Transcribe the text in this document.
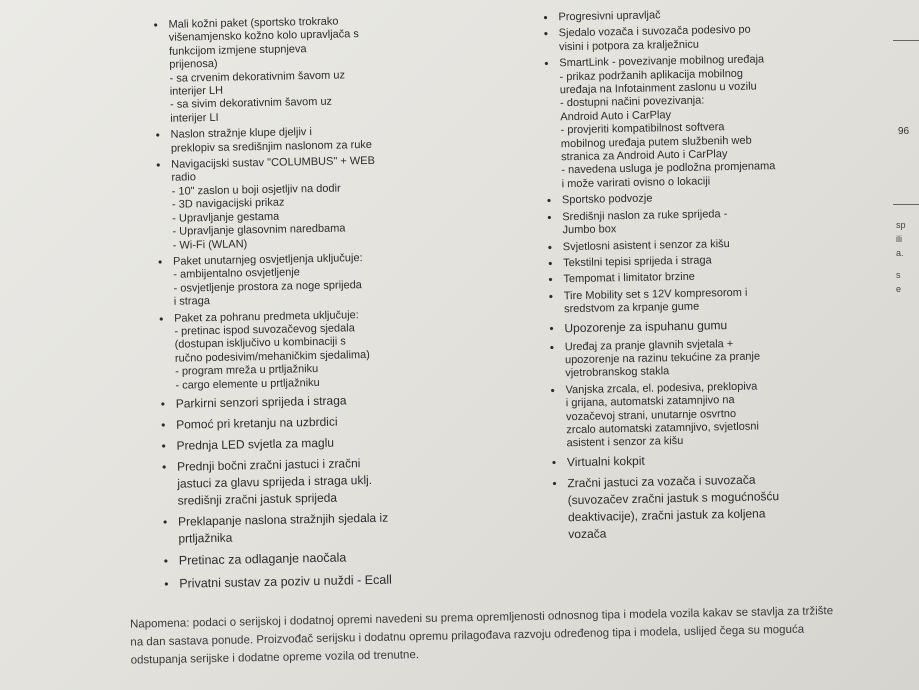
• Mali kožni paket (sportsko trokrako
višenamjensko kožno kolo upravljača s
funkcijom izmjene stupnjeva
prijenosa)
- sa crvenim dekorativnim šavom uz
interijer LH
- sa sivim dekorativnim šavom uz
interijer LI
• Naslon stražnje klupe djeljiv i
preklopiv sa središnjim naslonom za ruke
• Navigacijski sustav "COLUMBUS" + WEB
radio
- 10" zaslon u boji osjetljiv na dodir
- 3D navigacijski prikaz
- Upravljanje gestama
- Upravljanje glasovnim naredbama
- Wi-Fi (WLAN)
• Paket unutarnjeg osvjetljenja uključuje:
- ambijentalno osvjetljenje
- osvjetljenje prostora za noge sprijeda
i straga
• Paket za pohranu predmeta uključuje:
- pretinac ispod suvozačevog sjedala
(dostupan isključivo u kombinaciji s
ručno podesivim/mehaničkim sjedalima)
- program mreža u prtljažniku
- cargo elemente u prtljažniku
• Parkirni senzori sprijeda i straga
• Pomoć pri kretanju na uzbrdici
• Prednja LED svjetla za maglu
• Prednji bočni zračni jastuci i zračni
jastuci za glavu sprijeda i straga uklj.
središnji zračni jastuk sprijeda
• Preklapanje naslona stražnjih sjedala iz
prtljažnika
• Pretinac za odlaganje naočala
• Privatni sustav za poziv u nuždi - Ecall
• Progresivni upravljač
• Sjedalo vozača i suvozača podesivo po
visini i potpora za kralježnicu
• SmartLink - povezivanje mobilnog uređaja
- prikaz podržanih aplikacija mobilnog
uređaja na Infotainment zaslonu u vozilu
- dostupni načini povezivanja:
Android Auto i CarPlay
- provjeriti kompatibilnost softvera
mobilnog uređaja putem službenih web
stranica za Android Auto i CarPlay
- navedena usluga je podložna promjenama
i može varirati ovisno o lokaciji
• Sportsko podvozje
• Središnji naslon za ruke sprijeda -
Jumbo box
• Svjetlosni asistent i senzor za kišu
• Tekstilni tepisi sprijeda i straga
• Tempomat i limitator brzine
• Tire Mobility set s 12V kompresorom i
sredstvom za krpanje gume
• Upozorenje za ispuhanu gumu
• Uređaj za pranje glavnih svjetala +
upozorenje na razinu tekućine za pranje
vjetrobranskog stakla
• Vanjska zrcala, el. podesiva, preklopiva
i grijana, automatski zatamnjivo na
vozačevoj strani, unutarnje osvrtno
zrcalo automatski zatamnjivo, svjetlosni
asistent i senzor za kišu
• Virtualni kokpit
• Zračni jastuci za vozača i suvozača
(suvozačev zračni jastuk s mogućnošću
deaktivacije), zračni jastuk za koljena
vozača
Napomena: podaci o serijskoj i dodatnoj opremi navedeni su prema opremljenosti odnosnog tipa i modela vozila kakav se stavlja za tržište
na dan sastava ponude. Proizvođač serijsku i dodatnu opremu prilagođava razvoju određenog tipa i modela, uslijed čega su moguća
odstupanja serijske i dodatne opreme vozila od trenutne.
96
sp
ili
a.
s
e
